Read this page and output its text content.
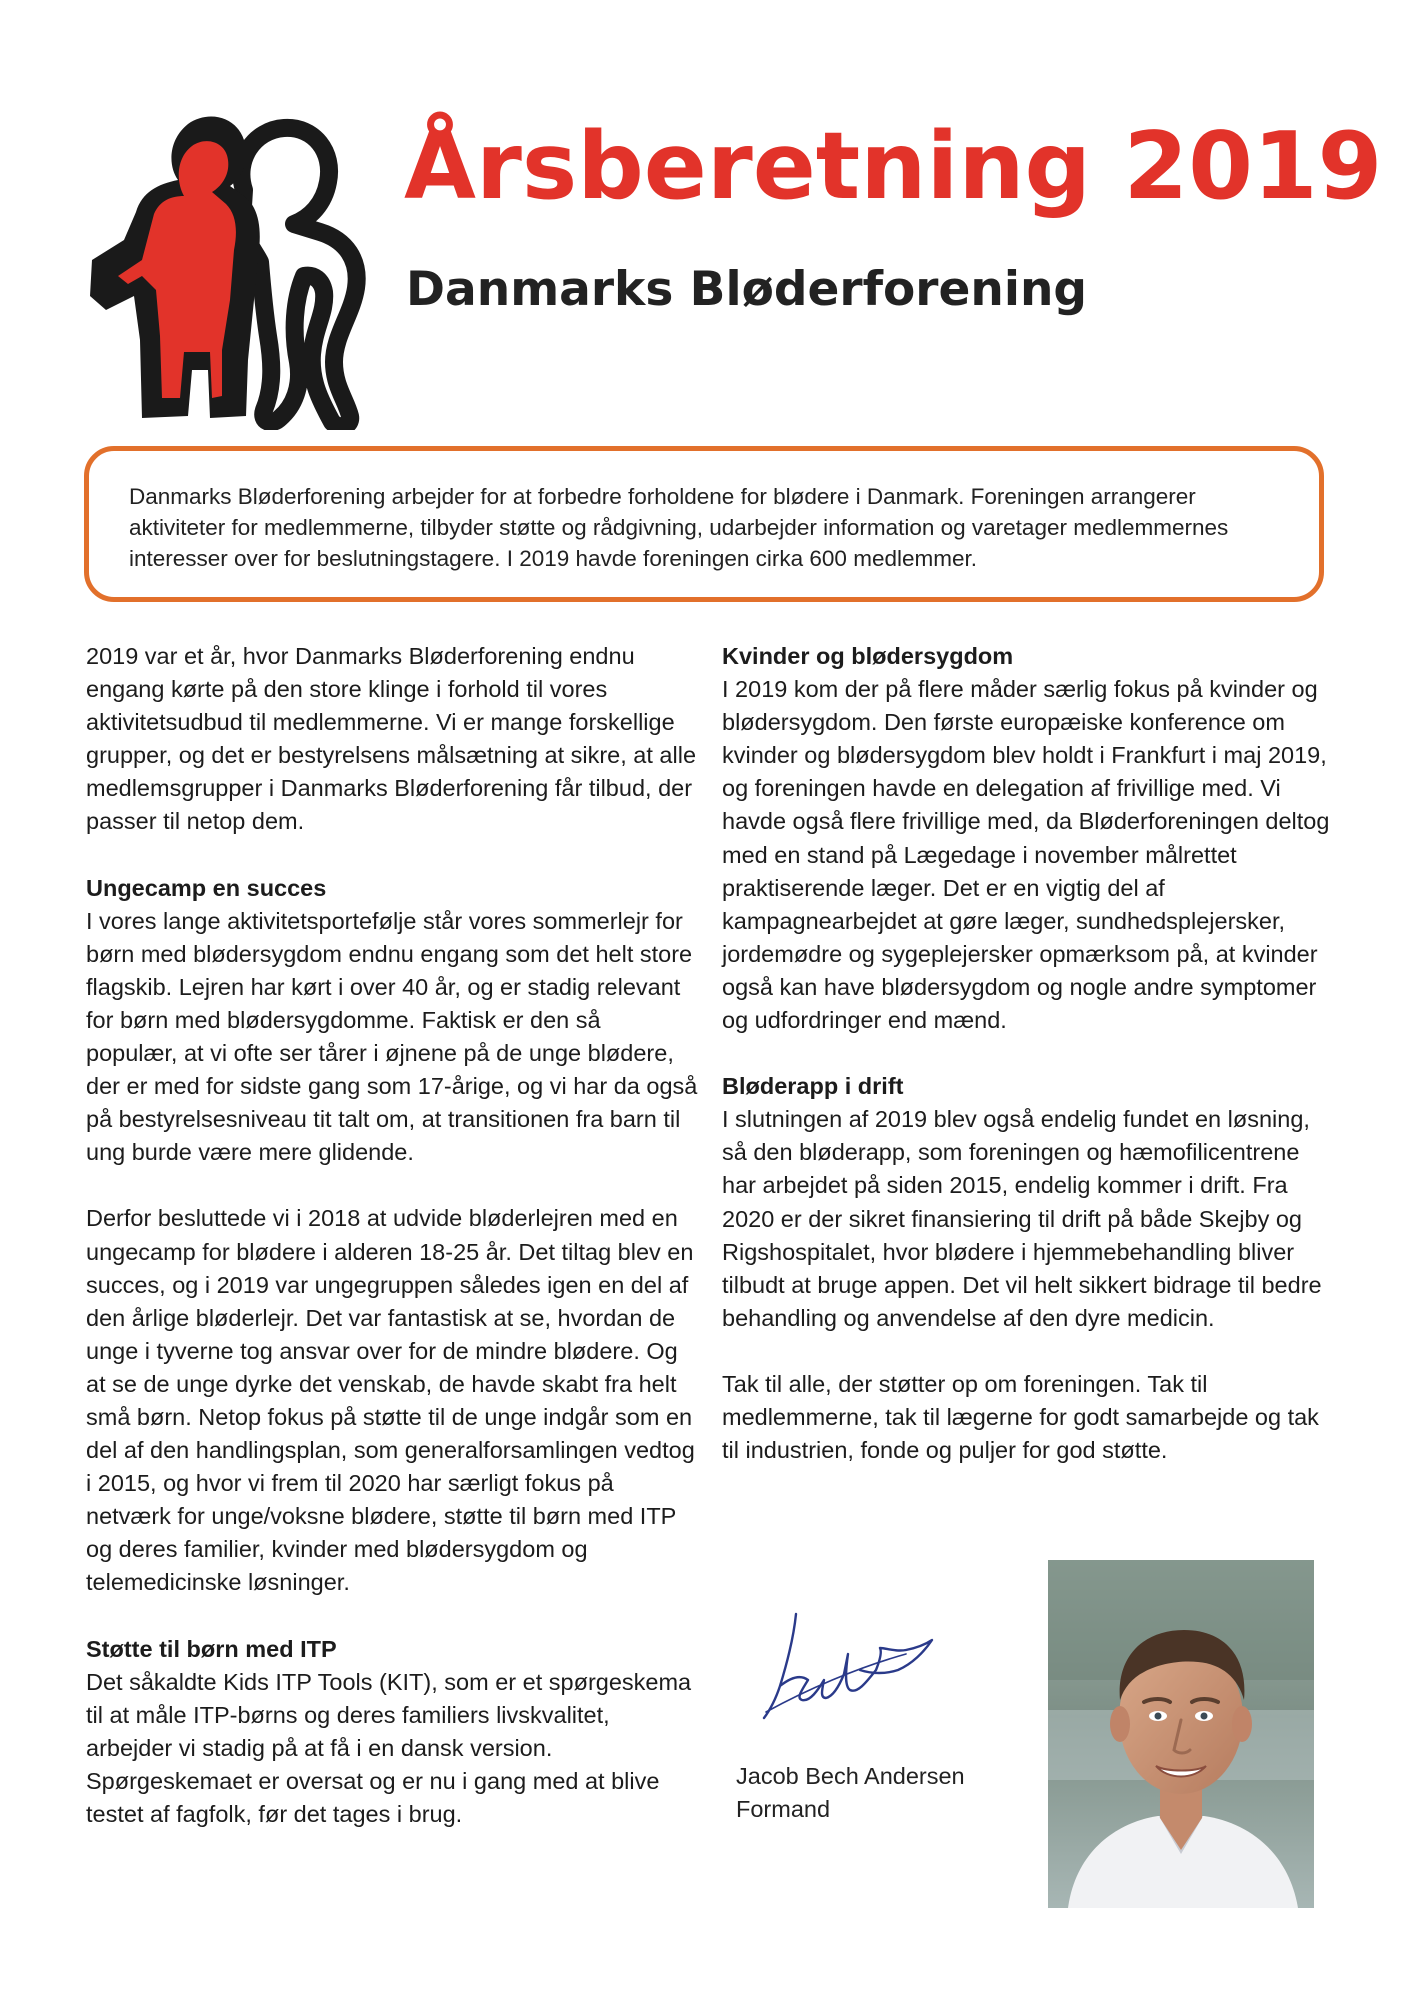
Årsberetning 2019
Danmarks Bløderforening

Danmarks Bløderforening arbejder for at forbedre forholdene for blødere i Danmark. Foreningen arrangerer aktiviteter for medlemmerne, tilbyder støtte og rådgivning, udarbejder information og varetager medlemmernes interesser over for beslutningstagere. I 2019 havde foreningen cirka 600 medlemmer.

2019 var et år, hvor Danmarks Bløderforening endnu engang kørte på den store klinge i forhold til vores aktivitetsudbud til medlemmerne. Vi er mange forskellige grupper, og det er bestyrelsens målsætning at sikre, at alle medlemsgrupper i Danmarks Bløderforening får tilbud, der passer til netop dem.

Ungecamp en succes

I vores lange aktivitetsportefølje står vores sommerlejr for børn med blødersygdom endnu engang som det helt store flagskib. Lejren har kørt i over 40 år, og er stadig relevant for børn med blødersygdomme. Faktisk er den så populær, at vi ofte ser tårer i øjnene på de unge blødere, der er med for sidste gang som 17-årige, og vi har da også på bestyrelsesniveau tit talt om, at transitionen fra barn til ung burde være mere glidende.

Derfor besluttede vi i 2018 at udvide bløderlejren med en ungecamp for blødere i alderen 18-25 år. Det tiltag blev en succes, og i 2019 var ungegruppen således igen en del af den årlige bløderlejr. Det var fantastisk at se, hvordan de unge i tyverne tog ansvar over for de mindre blødere. Og at se de unge dyrke det venskab, de havde skabt fra helt små børn. Netop fokus på støtte til de unge indgår som en del af den handlingsplan, som generalforsamlingen vedtog i 2015, og hvor vi frem til 2020 har særligt fokus på netværk for unge/voksne blødere, støtte til børn med ITP og deres familier, kvinder med blødersygdom og telemedicinske løsninger.

Støtte til børn med ITP

Det såkaldte Kids ITP Tools (KIT), som er et spørgeskema til at måle ITP-børns og deres familiers livskvalitet, arbejder vi stadig på at få i en dansk version. Spørgeskemaet er oversat og er nu i gang med at blive testet af fagfolk, før det tages i brug.

Kvinder og blødersygdom

I 2019 kom der på flere måder særlig fokus på kvinder og blødersygdom. Den første europæiske konference om kvinder og blødersygdom blev holdt i Frankfurt i maj 2019, og foreningen havde en delegation af frivillige med. Vi havde også flere frivillige med, da Bløderforeningen deltog med en stand på Lægedage i november målrettet praktiserende læger. Det er en vigtig del af kampagnearbejdet at gøre læger, sundhedsplejersker, jordemødre og sygeplejersker opmærksom på, at kvinder også kan have blødersygdom og nogle andre symptomer og udfordringer end mænd.

Bløderapp i drift

I slutningen af 2019 blev også endelig fundet en løsning, så den bløderapp, som foreningen og hæmofilicentrene har arbejdet på siden 2015, endelig kommer i drift. Fra 2020 er der sikret finansiering til drift på både Skejby og Rigshospitalet, hvor blødere i hjemmebehandling bliver tilbudt at bruge appen. Det vil helt sikkert bidrage til bedre behandling og anvendelse af den dyre medicin.

Tak til alle, der støtter op om foreningen. Tak til medlemmerne, tak til lægerne for godt samarbejde og tak til industrien, fonde og puljer for god støtte.

Jacob Bech Andersen
Formand
